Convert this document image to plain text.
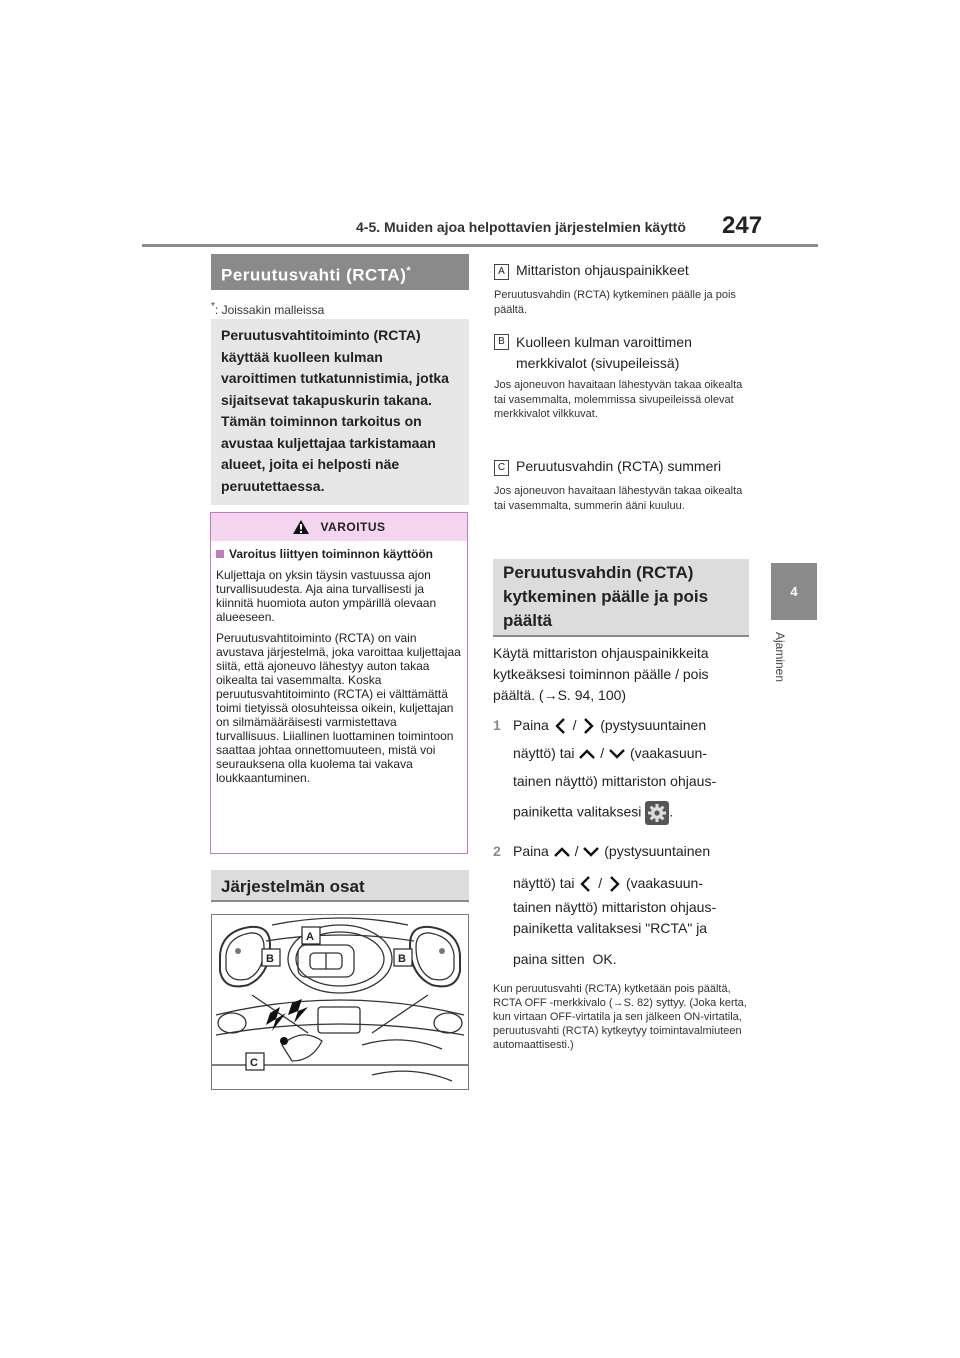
4-5. Muiden ajoa helpottavien järjestelmien käyttö	247
4
Ajaminen
Peruutusvahti (RCTA)*
*: Joissakin malleissa
Peruutusvahtitoiminto (RCTA) käyttää kuolleen kulman varoittimen tutkatunnistimia, jotka sijaitsevat takapuskurin takana. Tämän toiminnon tarkoitus on avustaa kuljettajaa tarkistamaan alueet, joita ei helposti näe peruutettaessa.
VAROITUS
Varoitus liittyen toiminnon käyttöön

Kuljettaja on yksin täysin vastuussa ajon turvallisuudesta. Aja aina turvallisesti ja kiinnitä huomiota auton ympärillä olevaan alueeseen.

Peruutusvahtitoiminto (RCTA) on vain avustava järjestelmä, joka varoittaa kuljettajaa siitä, että ajoneuvo lähestyy auton takaa oikealta tai vasemmalta. Koska peruutusvahtitoiminto (RCTA) ei välttämättä toimi tietyissä olosuhteissa oikein, kuljettajan on silmämääräisesti varmistettava turvallisuus. Liiallinen luottaminen toimintoon saattaa johtaa onnettomuuteen, mistä voi seurauksena olla kuolema tai vakava loukkaantuminen.

Järjestelmän osat
A
B	B
C
A Mittariston ohjauspainikkeet
Peruutusvahdin (RCTA) kytkeminen päälle ja pois päältä.
B Kuolleen kulman varoittimen merkkivalot (sivupeileissä)
Jos ajoneuvon havaitaan lähestyvän takaa oikealta tai vasemmalta, molemmissa sivupeileissä olevat merkkivalot vilkkuvat.
C Peruutusvahdin (RCTA) summeri
Jos ajoneuvon havaitaan lähestyvän takaa oikealta tai vasemmalta, summerin ääni kuuluu.
Peruutusvahdin (RCTA) kytkeminen päälle ja pois päältä
Käytä mittariston ohjauspainikkeita kytkeäksesi toiminnon päälle / pois päältä. (→S. 94, 100)
1 Paina / (pystysuuntainen
näyttö) tai / (vaakasuun-
tainen näyttö) mittariston ohjaus-
painiketta valitaksesi .
2 Paina / (pystysuuntainen
näyttö) tai / (vaakasuun-
tainen näyttö) mittariston ohjaus-
painiketta valitaksesi "RCTA" ja
paina sitten OK.
Kun peruutusvahti (RCTA) kytketään pois päältä, RCTA OFF -merkkivalo (→S. 82) syttyy. (Joka kerta, kun virtaan OFF-virtatila ja sen jälkeen ON-virtatila, peruutusvahti (RCTA) kytkeytyy toimintavalmiuteen automaattisesti.)
